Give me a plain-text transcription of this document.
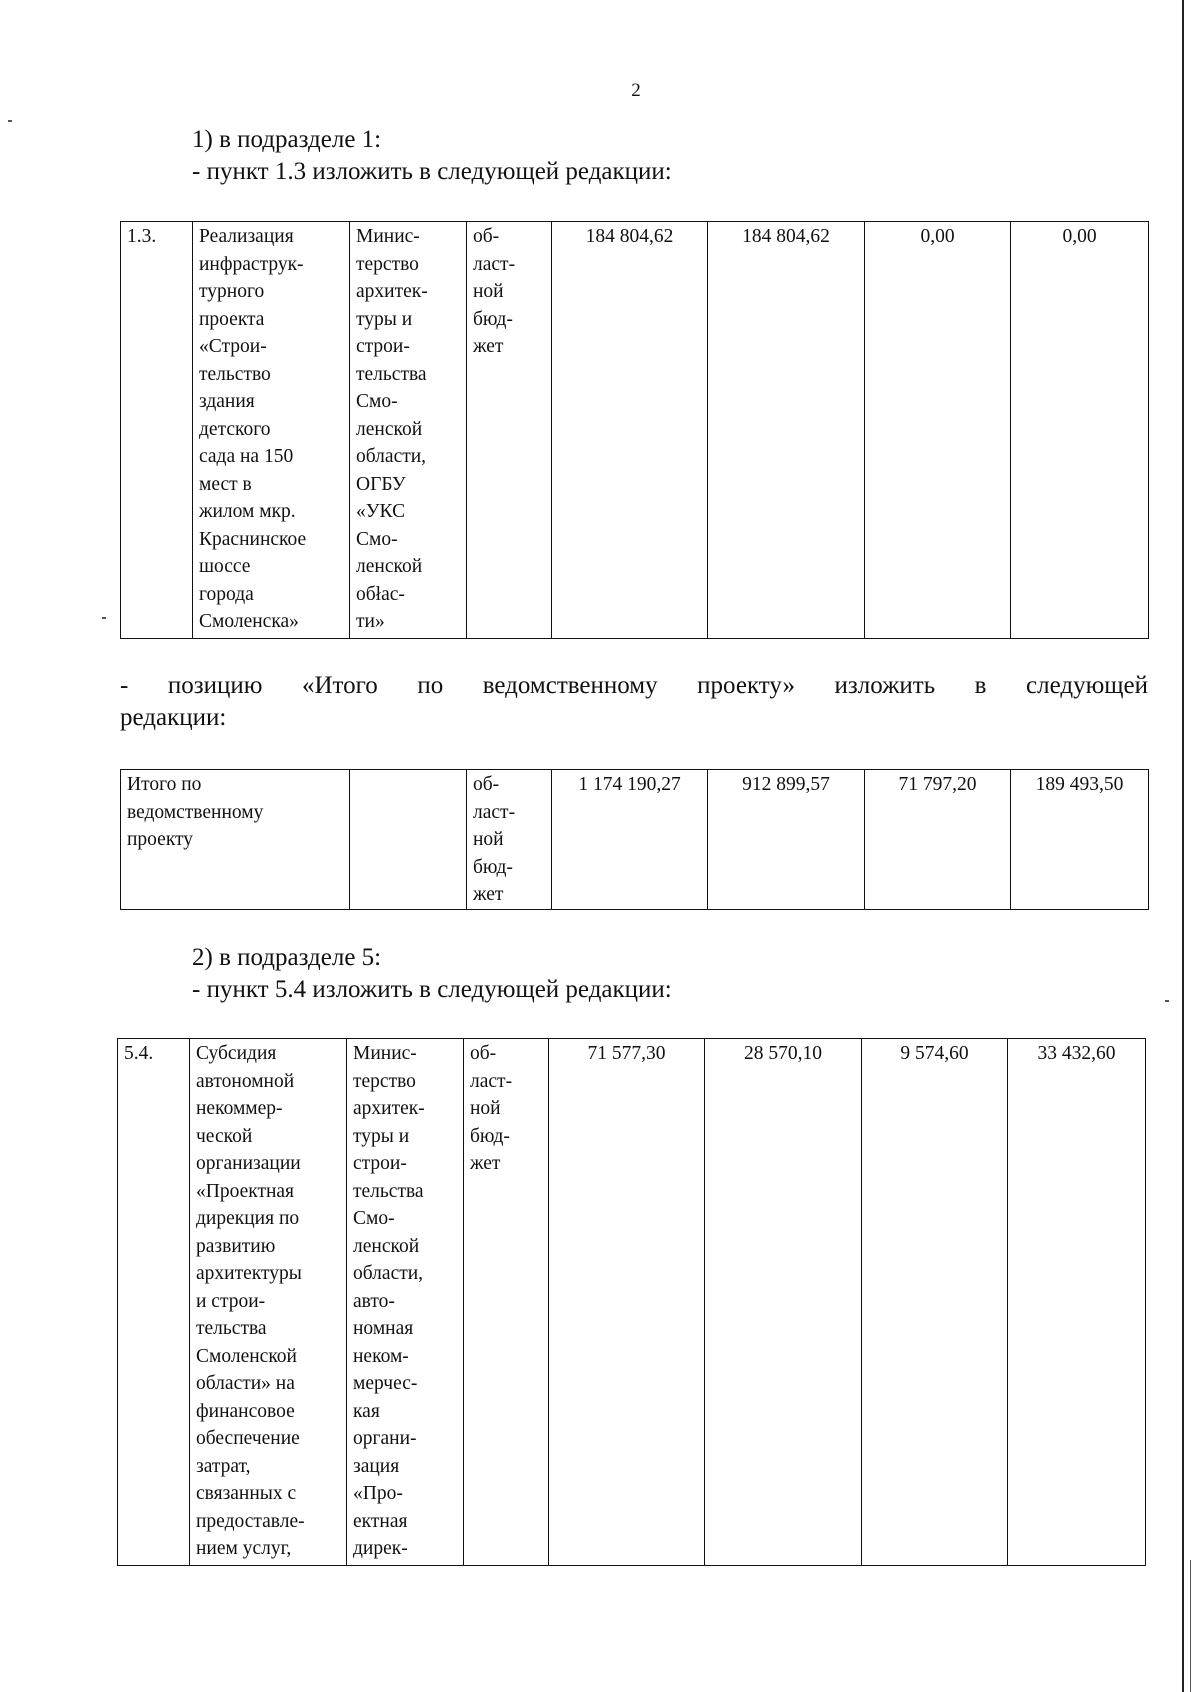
2
1) в подразделе 1:
- пункт 1.3 изложить в следующей редакции:
1.3.	Реализация
инфраструк-
турного
проекта
«Строи-
тельство
здания
детского
сада на 150
мест в
жилом мкр.
Краснинское
шоссе
города
Смоленска»	Минис-
терство
архитек-
туры и
строи-
тельства
Смо-
ленской
области,
ОГБУ
«УКС
Смо-
ленской
обłас-
ти»	об-
ласт-
ной
бюд-
жет	184 804,62	184 804,62	0,00	0,00
- позицию «Итого по ведомственному проекту» изложить в следующей
редакции:
Итого по
ведомственному
проекту		об-
ласт-
ной
бюд-
жет	1 174 190,27	912 899,57	71 797,20	189 493,50
2) в подразделе 5:
- пункт 5.4 изложить в следующей редакции:
5.4.	Субсидия
автономной
некоммер-
ческой
организации
«Проектная
дирекция по
развитию
архитектуры
и строи-
тельства
Смоленской
области» на
финансовое
обеспечение
затрат,
связанных с
предоставле-
нием услуг,	Минис-
терство
архитек-
туры и
строи-
тельства
Смо-
ленской
области,
авто-
номная
неком-
мерчес-
кая
органи-
зация
«Про-
ектная
дирек-	об-
ласт-
ной
бюд-
жет	71 577,30	28 570,10	9 574,60	33 432,60
